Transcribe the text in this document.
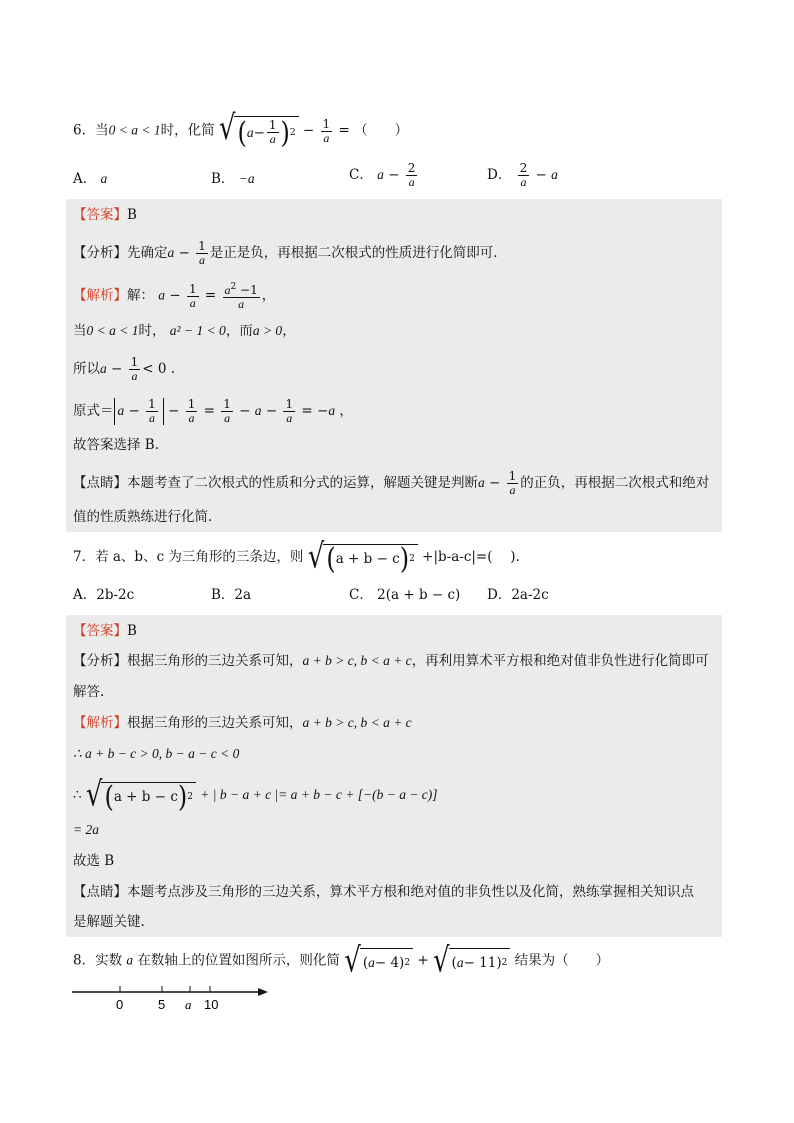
6．当0 < a < 1时，化简 √ ( $a - \frac{1}{a}$ ) $2 - \frac{1}{a}$ = （　　）
A． a	B． −a	C． $a - \frac{2}{a}$	D． $\frac{2}{a} - a$
【答案】B
【分析】先确定$a - \frac{1}{a}$ 是正是负，再根据二次根式的性质进行化简即可.
【解析】解： $a - \frac{1}{a} = \frac{a^2 -1}{a}$ ，
当0 < a < 1时， a² − 1 < 0，而a > 0，
所以$a - \frac{1}{a} < 0$ .
原式＝ $a - \frac{1}{a} - \frac{1}{a} = \frac{1}{a} - a - \frac{1}{a} = -a$ ，
故答案选择 B.
【点睛】本题考查了二次根式的性质和分式的运算，解题关键是判断$a - \frac{1}{a}$ 的正负，再根据二次根式和绝对
值的性质熟练进行化简.
7．若 a、b、c 为三角形的三条边，则 √ ( a + b − c ) 2 +|b-a-c|=(　 ).
A．2b-2c	B．2a	C． 2(a + b − c) D．2a-2c
【答案】B
【分析】根据三角形的三边关系可知，a + b > c, b < a + c，再利用算术平方根和绝对值非负性进行化简即可
解答.
【解析】根据三角形的三边关系可知，a + b > c, b < a + c
∴ a + b − c > 0, b − a − c < 0
∴ √ ( a + b − c ) 2 + | b − a + c |= a + b − c + [−(b − a − c)]
= 2a
故选 B
【点睛】本题考点涉及三角形的三边关系，算术平方根和绝对值的非负性以及化简，熟练掌握相关知识点
是解题关键.
8．实数 a 在数轴上的位置如图所示，则化简 √ ( a − 4) 2 + √ ( a − 11) 2 结果为（　　）
0	5 a 10
